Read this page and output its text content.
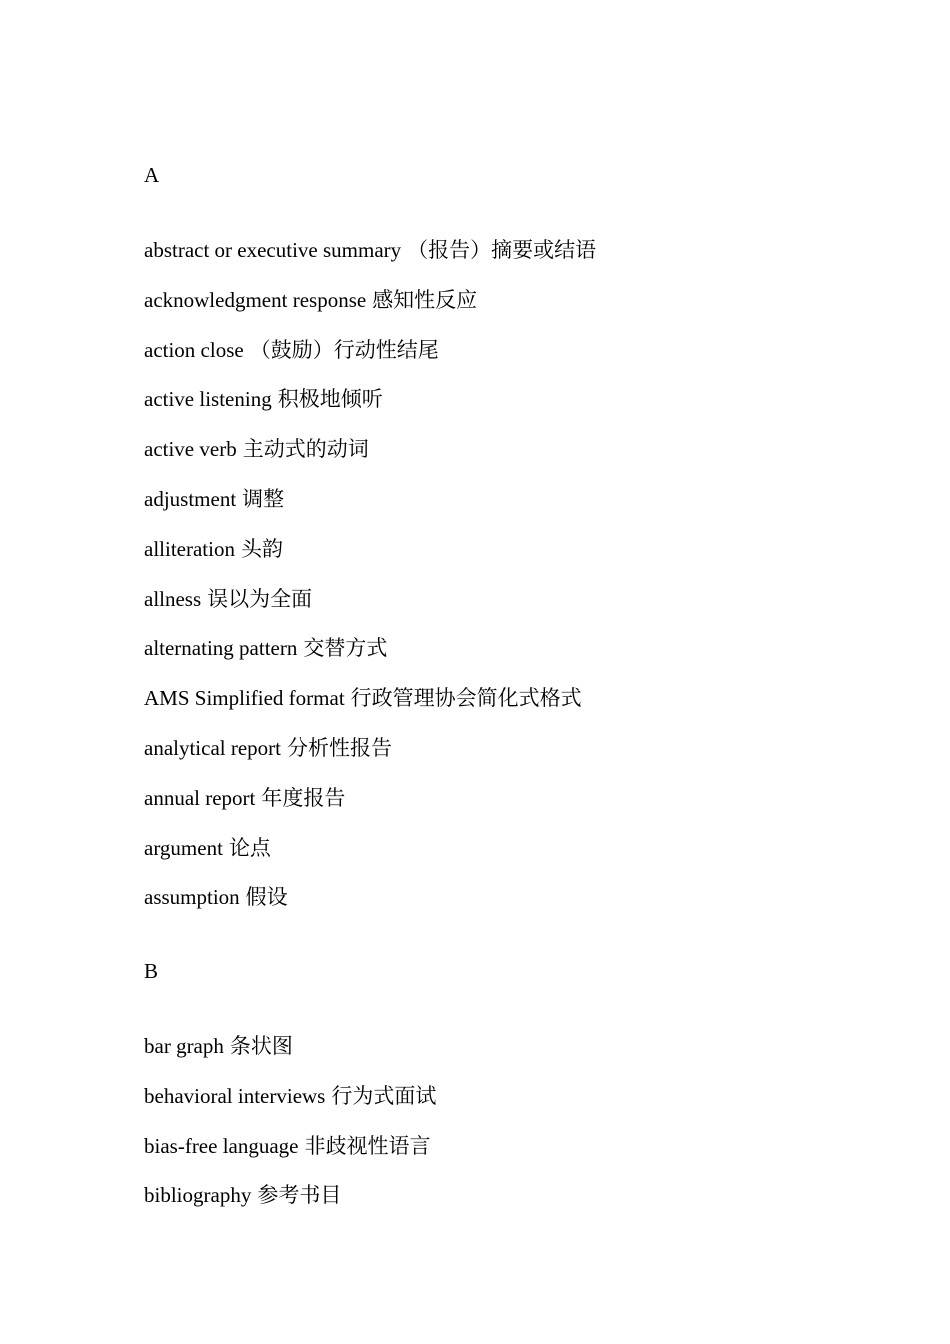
A

abstract or executive summary （报告）摘要或结语
acknowledgment response 感知性反应
action close （鼓励）行动性结尾
active listening 积极地倾听
active verb 主动式的动词
adjustment 调整
alliteration 头韵
allness 误以为全面
alternating pattern 交替方式
AMS Simplified format 行政管理协会简化式格式
analytical report 分析性报告
annual report 年度报告
argument 论点
assumption 假设

B

bar graph 条状图
behavioral interviews 行为式面试
bias-free language 非歧视性语言
bibliography 参考书目
